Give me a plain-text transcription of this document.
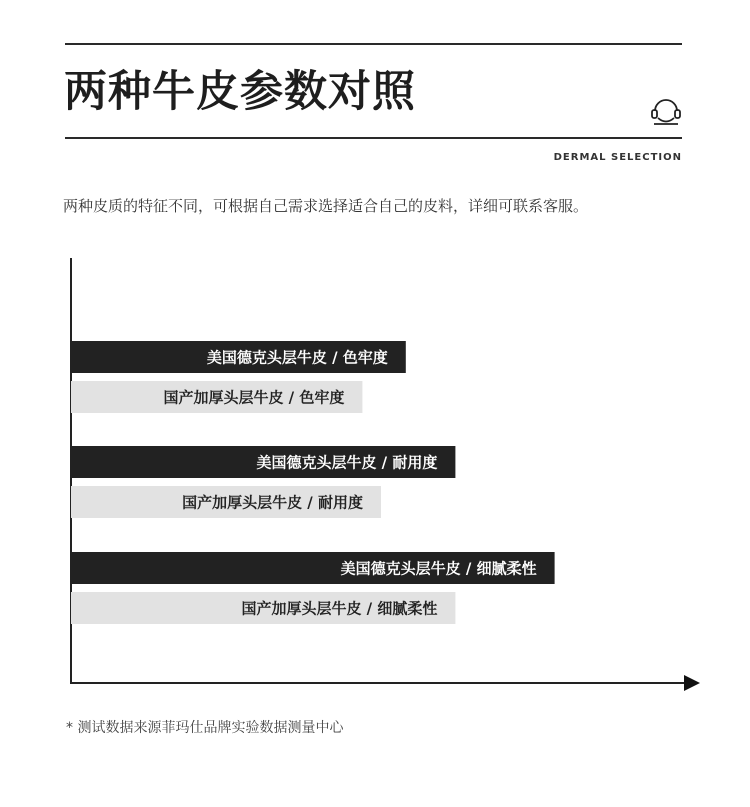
两种牛皮参数对照
DERMAL SELECTION
两种皮质的特征不同，可根据自己需求选择适合自己的皮料，详细可联系客服。
美国德克头层牛皮 / 色牢度
国产加厚头层牛皮 / 色牢度
美国德克头层牛皮 / 耐用度
国产加厚头层牛皮 / 耐用度
美国德克头层牛皮 / 细腻柔性
国产加厚头层牛皮 / 细腻柔性
* 测试数据来源菲玛仕品牌实验数据测量中心
